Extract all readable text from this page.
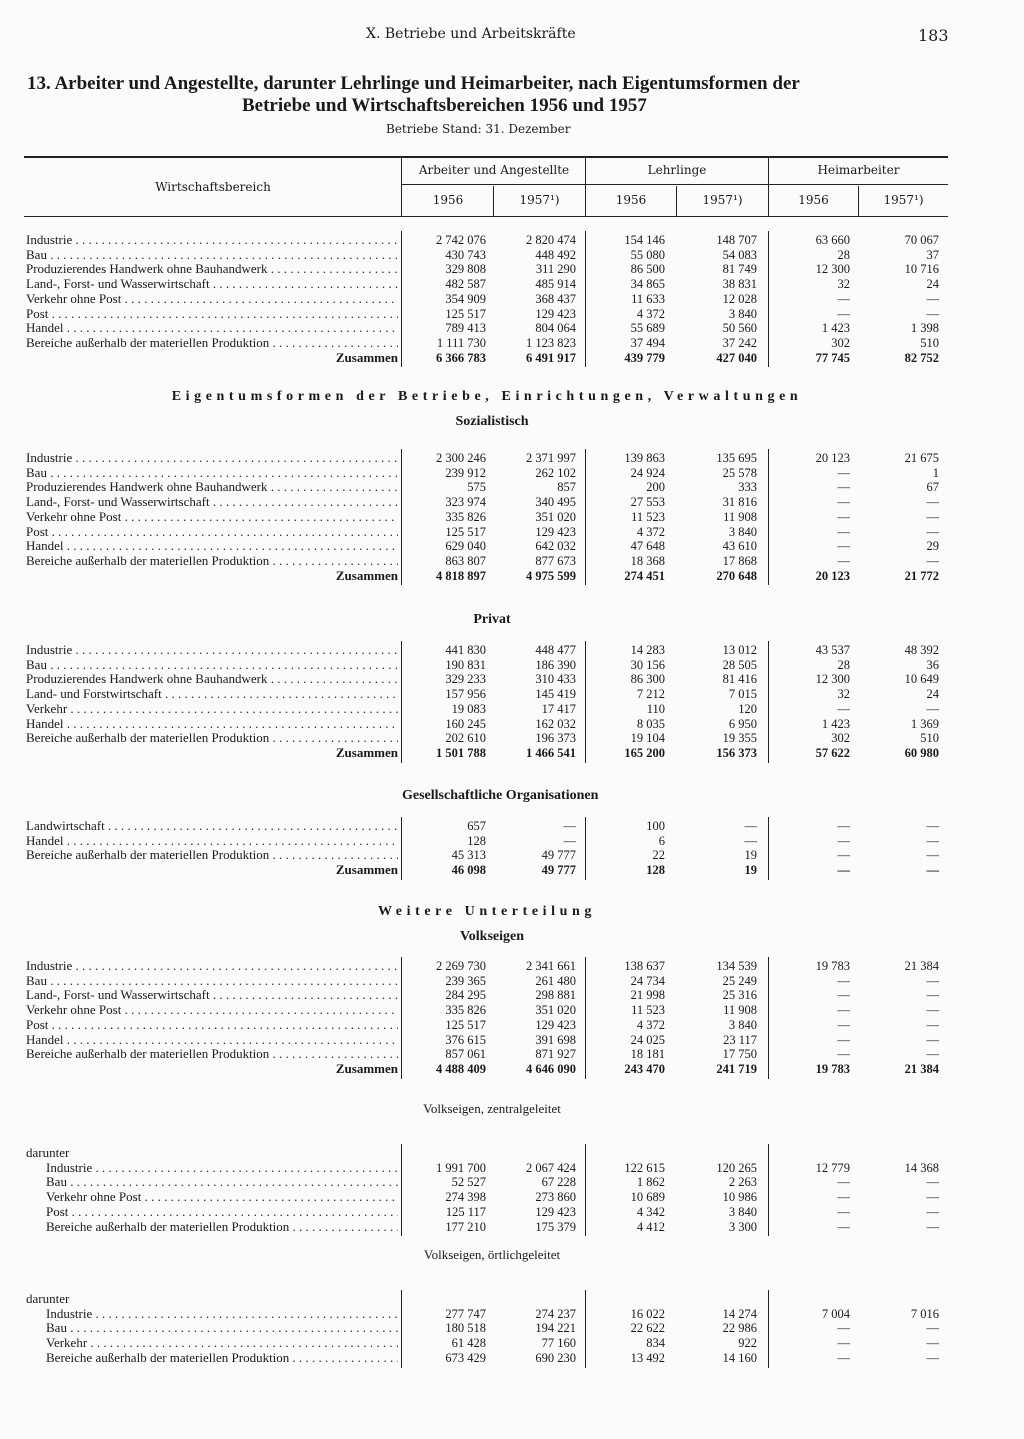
X. Betriebe und Arbeitskräfte	183
13. Arbeiter und Angestellte, darunter Lehrlinge und Heimarbeiter, nach Eigentumsformen der
Betriebe und Wirtschaftsbereichen 1956 und 1957
Betriebe Stand: 31. Dezember
Wirtschaftsbereich
Arbeiter und Angestellte	Lehrlinge	Heimarbeiter
1956	1957¹)	1956	1957¹)	1956	1957¹)
Industrie . . .	2 742 076	2 820 474	154 146	148 707	63 660	70 067
Bau . . .	430 743	448 492	55 080	54 083	28	37
Produzierendes Handwerk ohne Bauhandwerk . . .	329 808	311 290	86 500	81 749	12 300	10 716
Land-, Forst- und Wasserwirtschaft . . .	482 587	485 914	34 865	38 831	32	24
Verkehr ohne Post . . .	354 909	368 437	11 633	12 028	—	—
Post . . .	125 517	129 423	4 372	3 840	—	—
Handel . . .	789 413	804 064	55 689	50 560	1 423	1 398
Bereiche außerhalb der materiellen Produktion . . .	1 111 730	1 123 823	37 494	37 242	302	510
Zusammen	6 366 783	6 491 917	439 779	427 040	77 745	82 752
Eigentumsformen der Betriebe, Einrichtungen, Verwaltungen
Sozialistisch
Industrie . . .	2 300 246	2 371 997	139 863	135 695	20 123	21 675
Bau . . .	239 912	262 102	24 924	25 578	—	1
Produzierendes Handwerk ohne Bauhandwerk . . .	575	857	200	333	—	67
Land-, Forst- und Wasserwirtschaft . . .	323 974	340 495	27 553	31 816	—	—
Verkehr ohne Post . . .	335 826	351 020	11 523	11 908	—	—
Post . . .	125 517	129 423	4 372	3 840	—	—
Handel . . .	629 040	642 032	47 648	43 610	—	29
Bereiche außerhalb der materiellen Produktion . . .	863 807	877 673	18 368	17 868	—	—
Zusammen	4 818 897	4 975 599	274 451	270 648	20 123	21 772
Privat
Industrie . . .	441 830	448 477	14 283	13 012	43 537	48 392
Bau . . .	190 831	186 390	30 156	28 505	28	36
Produzierendes Handwerk ohne Bauhandwerk . . .	329 233	310 433	86 300	81 416	12 300	10 649
Land- und Forstwirtschaft . . .	157 956	145 419	7 212	7 015	32	24
Verkehr . . .	19 083	17 417	110	120	—	—
Handel . . .	160 245	162 032	8 035	6 950	1 423	1 369
Bereiche außerhalb der materiellen Produktion . . .	202 610	196 373	19 104	19 355	302	510
Zusammen	1 501 788	1 466 541	165 200	156 373	57 622	60 980
Gesellschaftliche Organisationen
Landwirtschaft . . .	657	—	100	—	—	—
Handel . . .	128	—	6	—	—	—
Bereiche außerhalb der materiellen Produktion . . .	45 313	49 777	22	19	—	—
Zusammen	46 098	49 777	128	19	—	—
Weitere Unterteilung
Volkseigen
Industrie . . .	2 269 730	2 341 661	138 637	134 539	19 783	21 384
Bau . . .	239 365	261 480	24 734	25 249	—	—
Land-, Forst- und Wasserwirtschaft . . .	284 295	298 881	21 998	25 316	—	—
Verkehr ohne Post . . .	335 826	351 020	11 523	11 908	—	—
Post . . .	125 517	129 423	4 372	3 840	—	—
Handel . . .	376 615	391 698	24 025	23 117	—	—
Bereiche außerhalb der materiellen Produktion . . .	857 061	871 927	18 181	17 750	—	—
Zusammen	4 488 409	4 646 090	243 470	241 719	19 783	21 384
Volkseigen, zentralgeleitet
darunter
Industrie . . .	1 991 700	2 067 424	122 615	120 265	12 779	14 368
Bau . . .	52 527	67 228	1 862	2 263	—	—
Verkehr ohne Post . . .	274 398	273 860	10 689	10 986	—	—
Post . . .	125 117	129 423	4 342	3 840	—	—
Bereiche außerhalb der materiellen Produktion . . .	177 210	175 379	4 412	3 300	—	—
Volkseigen, örtlichgeleitet
darunter
Industrie . . .	277 747	274 237	16 022	14 274	7 004	7 016
Bau . . .	180 518	194 221	22 622	22 986	—	—
Verkehr . . .	61 428	77 160	834	922	—	—
Bereiche außerhalb der materiellen Produktion . . .	673 429	690 230	13 492	14 160	—	—
